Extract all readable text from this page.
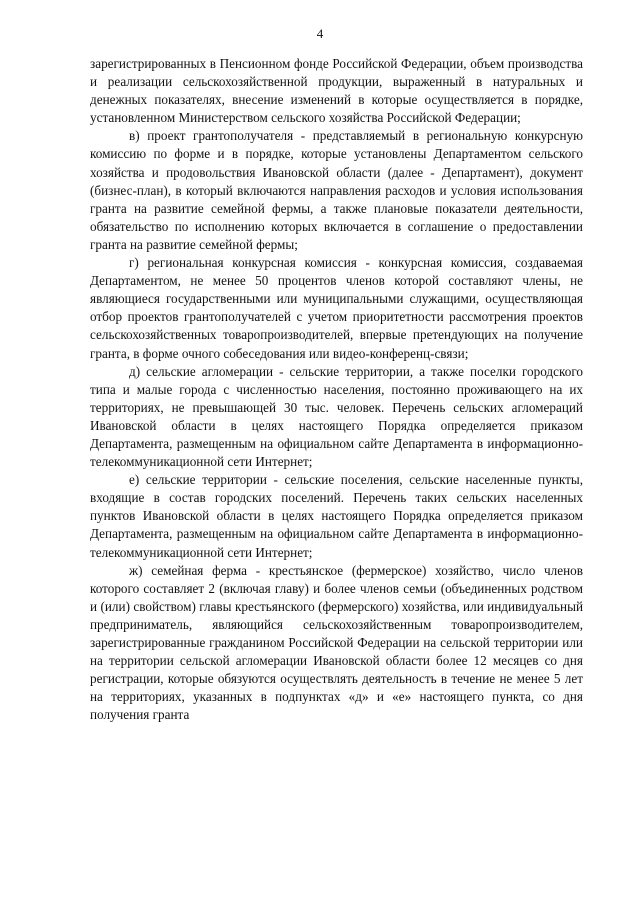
4

зарегистрированных в Пенсионном фонде Российской Федерации, объем производства и реализации сельскохозяйственной продукции, выраженный в натуральных и денежных показателях, внесение изменений в которые осуществляется в порядке, установленном Министерством сельского хозяйства Российской Федерации;

в) проект грантополучателя - представляемый в региональную конкурсную комиссию по форме и в порядке, которые установлены Департаментом сельского хозяйства и продовольствия Ивановской области (далее - Департамент), документ (бизнес-план), в который включаются направления расходов и условия использования гранта на развитие семейной фермы, а также плановые показатели деятельности, обязательство по исполнению которых включается в соглашение о предоставлении гранта на развитие семейной фермы;

г) региональная конкурсная комиссия - конкурсная комиссия, создаваемая Департаментом, не менее 50 процентов членов которой составляют члены, не являющиеся государственными или муниципальными служащими, осуществляющая отбор проектов грантополучателей с учетом приоритетности рассмотрения проектов сельскохозяйственных товаропроизводителей, впервые претендующих на получение гранта, в форме очного собеседования или видео-конференц-связи;

д) сельские агломерации - сельские территории, а также поселки городского типа и малые города с численностью населения, постоянно проживающего на их территориях, не превышающей 30 тыс. человек. Перечень сельских агломераций Ивановской области в целях настоящего Порядка определяется приказом Департамента, размещенным на официальном сайте Департамента в информационно-телекоммуникационной сети Интернет;

е) сельские территории - сельские поселения, сельские населенные пункты, входящие в состав городских поселений. Перечень таких сельских населенных пунктов Ивановской области в целях настоящего Порядка определяется приказом Департамента, размещенным на официальном сайте Департамента в информационно-телекоммуникационной сети Интернет;

ж) семейная ферма - крестьянское (фермерское) хозяйство, число членов которого составляет 2 (включая главу) и более членов семьи (объединенных родством и (или) свойством) главы крестьянского (фермерского) хозяйства, или индивидуальный предприниматель, являющийся сельскохозяйственным товаропроизводителем, зарегистрированные гражданином Российской Федерации на сельской территории или на территории сельской агломерации Ивановской области более 12 месяцев со дня регистрации, которые обязуются осуществлять деятельность в течение не менее 5 лет на территориях, указанных в подпунктах «д» и «е» настоящего пункта, со дня получения гранта
